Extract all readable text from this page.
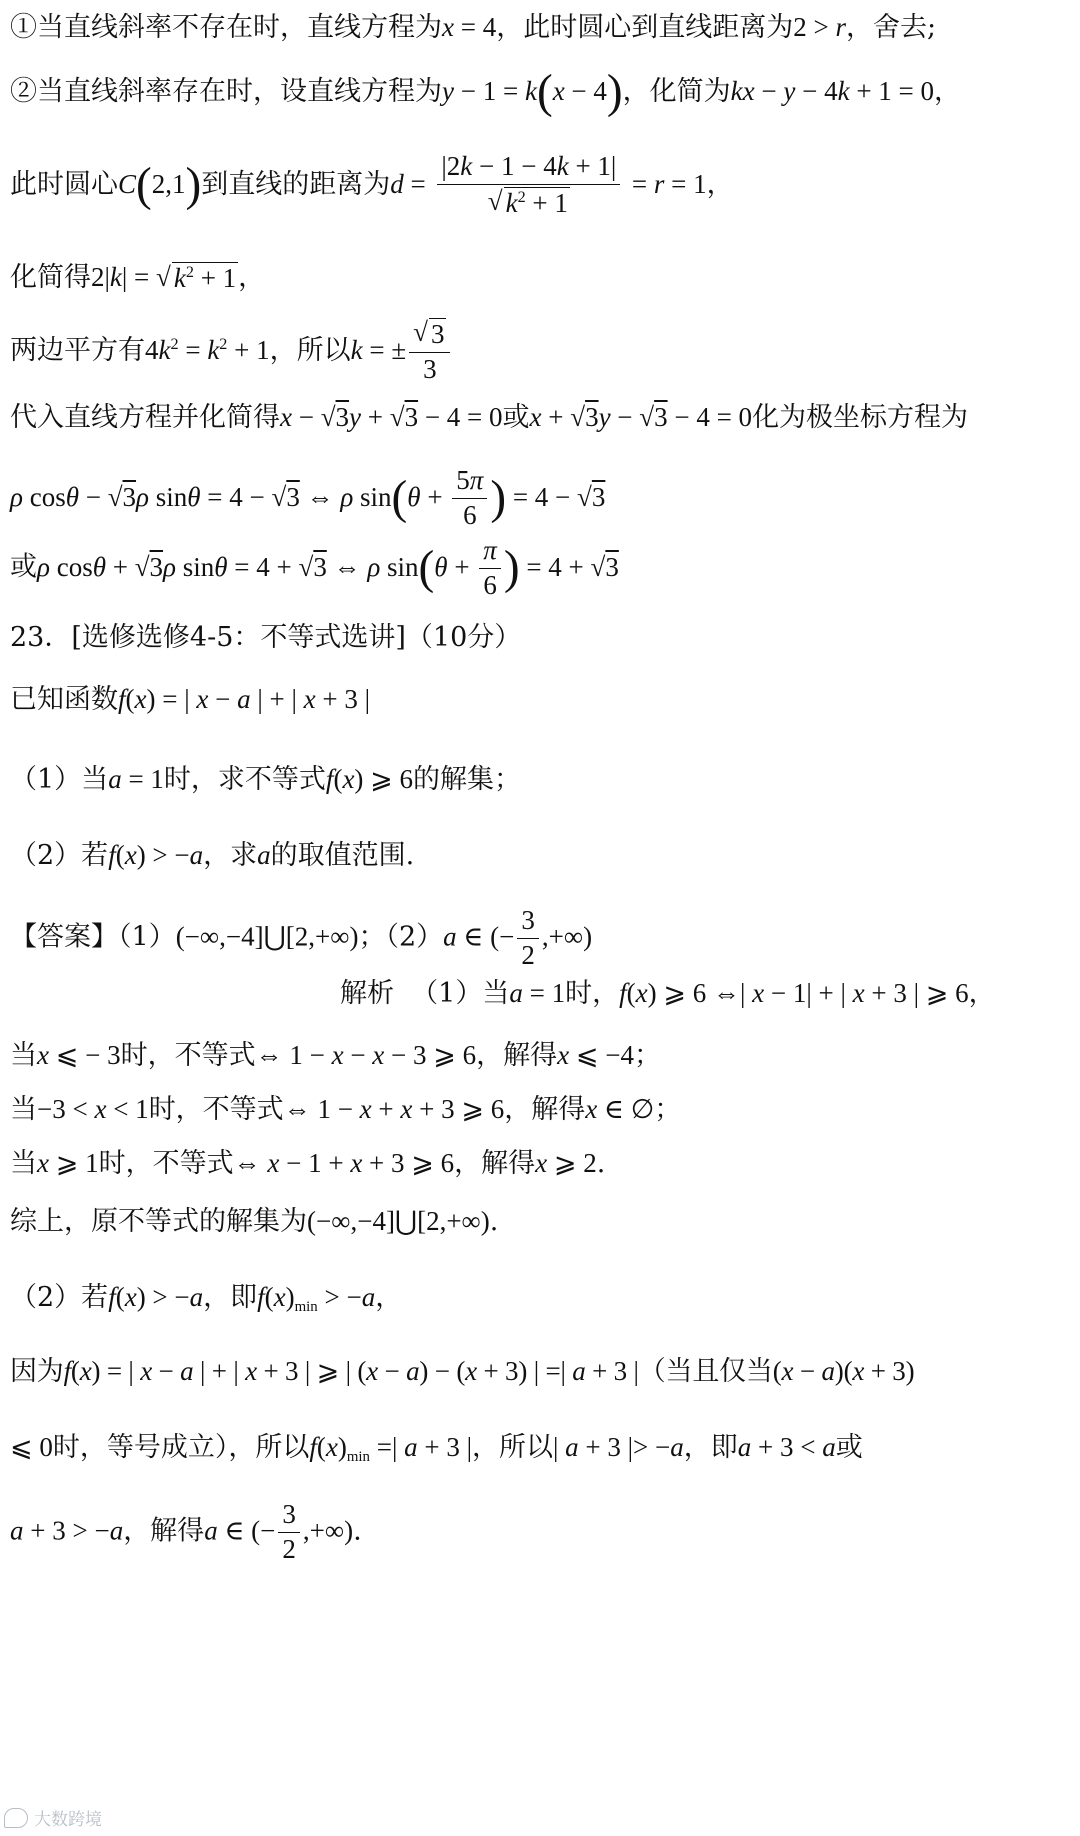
①当直线斜率不存在时，直线方程为x = 4，此时圆心到直线距离为2 > r，舍去;
②当直线斜率存在时，设直线方程为y − 1 = k(x − 4)，化简为kx − y − 4k + 1 = 0，
此时圆心C(2,1)到直线的距离为$d = \frac{|2k - 1 - 4k + 1|}{√ k^2 + 1} = r = 1$，
化简得2|k| = √ $k^2 + 1$ ，
两边平方有$4k^2 = k^2 + 1$，所以k = ± $\frac{√ 3}{3}$
代入直线方程并化简得x − √3y + √3 − 4 = 0或x + √3y − √3 − 4 = 0化为极坐标方程为
ρ cosθ − √3ρ sinθ = 4 − √3 ⇔ ρ $\sin(\theta + \frac{5\pi}{6}$ ) = 4 − √3
或ρ cosθ + √3ρ sinθ = 4 + √3 ⇔ ρ $\sin(\theta + \frac{\pi}{6}$ ) = 4 + √3
23．[选修选修4-5：不等式选讲]（10分）
已知函数f(x) = | x − a | + | x + 3 |
（1）当a = 1时，求不等式f(x) ⩾ 6的解集；
（2）若f(x) > −a，求a的取值范围.
【答案】（1）(−∞,−4]⋃[2,+∞)；（2）a ∈ (− $\frac{3}{2}$ ,+∞)
解析 （1）当a = 1时，f(x) ⩾ 6 ⇔| x − 1| + | x + 3 | ⩾ 6，
当x ⩽ − 3时，不等式⇔ 1 − x − x − 3 ⩾ 6，解得x ⩽ −4；
当−3 < x < 1时，不等式⇔ 1 − x + x + 3 ⩾ 6，解得x ∈ ∅；
当x ⩾ 1时，不等式⇔ x − 1 + x + 3 ⩾ 6，解得x ⩾ 2.
综上，原不等式的解集为(−∞,−4]⋃[2,+∞).
（2）若f(x) > −a，即$f(x)_{min} > -a$，
因为f(x) = | x − a | + | x + 3 | ⩾ | (x − a) − (x + 3) | =| a + 3 |（当且仅当(x − a)(x + 3)
⩽ 0时，等号成立），所以$f(x)_{min}$ =| a + 3 |，所以| a + 3 |> −a，即a + 3 < a或
a + 3 > −a，解得a ∈ (− $\frac{3}{2}$ ,+∞).
大数跨境
